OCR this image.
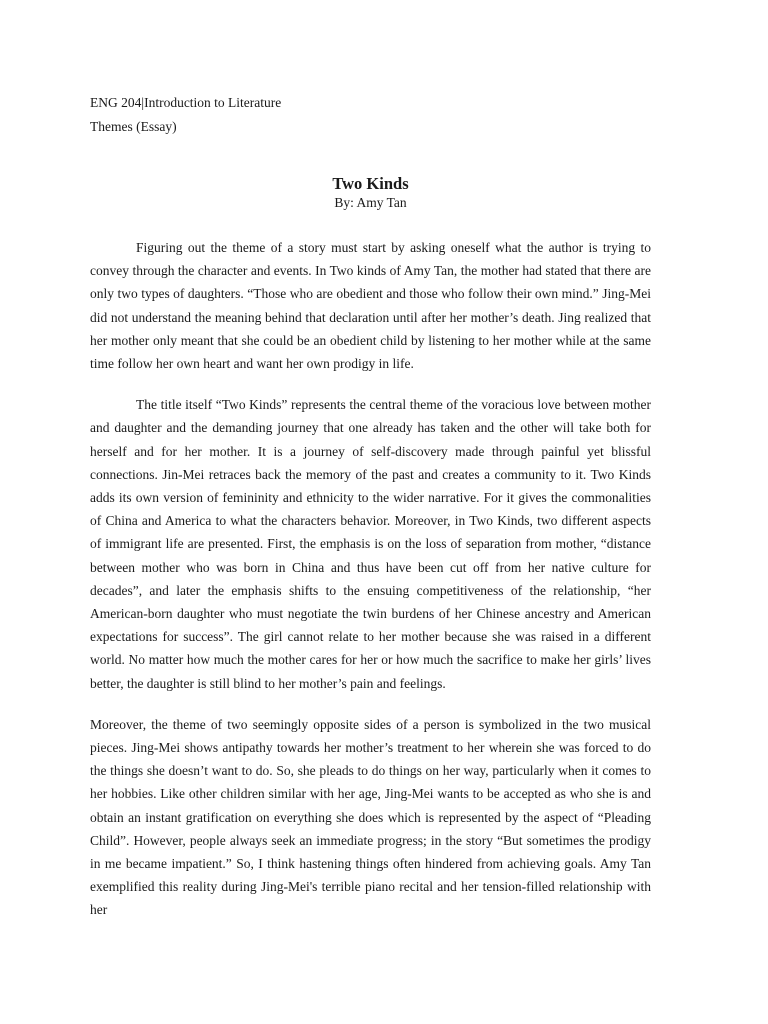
ENG 204|Introduction to Literature

Themes (Essay)

Two Kinds

By: Amy Tan

Figuring out the theme of a story must start by asking oneself what the author is trying to convey through the character and events. In Two kinds of Amy Tan, the mother had stated that there are only two types of daughters. “Those who are obedient and those who follow their own mind.” Jing-Mei did not understand the meaning behind that declaration until after her mother’s death. Jing realized that her mother only meant that she could be an obedient child by listening to her mother while at the same time follow her own heart and want her own prodigy in life.

The title itself “Two Kinds” represents the central theme of the voracious love between mother and daughter and the demanding journey that one already has taken and the other will take both for herself and for her mother. It is a journey of self-discovery made through painful yet blissful connections. Jin-Mei retraces back the memory of the past and creates a community to it. Two Kinds adds its own version of femininity and ethnicity to the wider narrative. For it gives the commonalities of China and America to what the characters behavior. Moreover, in Two Kinds, two different aspects of immigrant life are presented. First, the emphasis is on the loss of separation from mother, “distance between mother who was born in China and thus have been cut off from her native culture for decades”, and later the emphasis shifts to the ensuing competitiveness of the relationship, “her American-born daughter who must negotiate the twin burdens of her Chinese ancestry and American expectations for success”. The girl cannot relate to her mother because she was raised in a different world. No matter how much the mother cares for her or how much the sacrifice to make her girls’ lives better, the daughter is still blind to her mother’s pain and feelings.

Moreover, the theme of two seemingly opposite sides of a person is symbolized in the two musical pieces. Jing-Mei shows antipathy towards her mother’s treatment to her wherein she was forced to do the things she doesn’t want to do. So, she pleads to do things on her way, particularly when it comes to her hobbies. Like other children similar with her age, Jing-Mei wants to be accepted as who she is and obtain an instant gratification on everything she does which is represented by the aspect of “Pleading Child”. However, people always seek an immediate progress; in the story “But sometimes the prodigy in me became impatient.” So, I think hastening things often hindered from achieving goals. Amy Tan exemplified this reality during Jing-Mei's terrible piano recital and her tension-filled relationship with her
